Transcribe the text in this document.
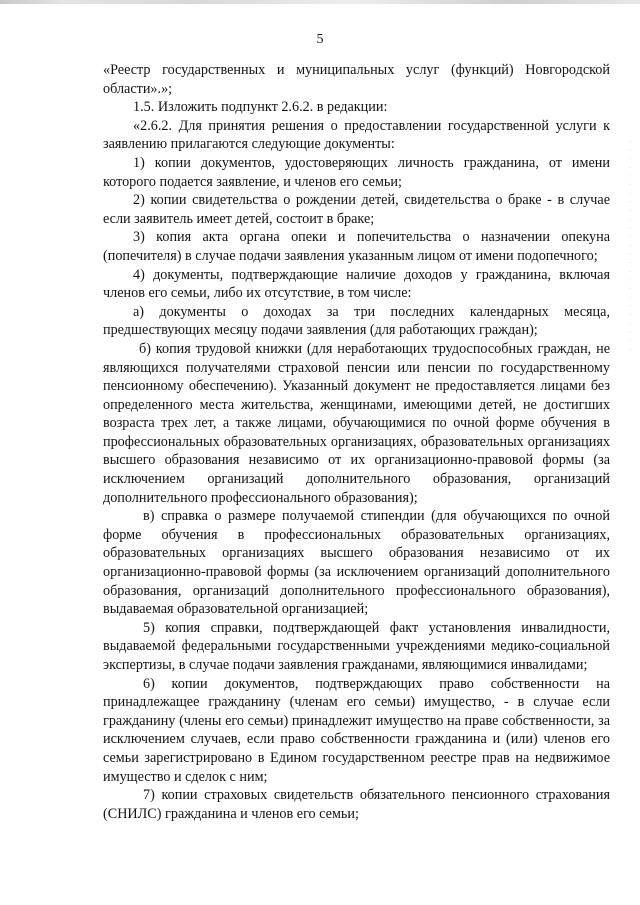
5

«Реестр государственных и муниципальных услуг (функций) Новгородской области».»;

1.5. Изложить подпункт 2.6.2. в редакции:

«2.6.2. Для принятия решения о предоставлении государственной услуги к заявлению прилагаются следующие документы:

1) копии документов, удостоверяющих личность гражданина, от имени которого подается заявление, и членов его семьи;

2) копии свидетельства о рождении детей, свидетельства о браке - в случае если заявитель имеет детей, состоит в браке;

3) копия акта органа опеки и попечительства о назначении опекуна (попечителя) в случае подачи заявления указанным лицом от имени подопечного;

4) документы, подтверждающие наличие доходов у гражданина, включая членов его семьи, либо их отсутствие, в том числе:

а) документы о доходах за три последних календарных месяца, предшествующих месяцу подачи заявления (для работающих граждан);

б) копия трудовой книжки (для неработающих трудоспособных граждан, не являющихся получателями страховой пенсии или пенсии по государственному пенсионному обеспечению). Указанный документ не предоставляется лицами без определенного места жительства, женщинами, имеющими детей, не достигших возраста трех лет, а также лицами, обучающимися по очной форме обучения в профессиональных образовательных организациях, образовательных организациях высшего образования независимо от их организационно-правовой формы (за исключением организаций дополнительного образования, организаций дополнительного профессионального образования);

в) справка о размере получаемой стипендии (для обучающихся по очной форме обучения в профессиональных образовательных организациях, образовательных организациях высшего образования независимо от их организационно-правовой формы (за исключением организаций дополнительного образования, организаций дополнительного профессионального образования), выдаваемая образовательной организацией;

5) копия справки, подтверждающей факт установления инвалидности, выдаваемой федеральными государственными учреждениями медико-социальной экспертизы, в случае подачи заявления гражданами, являющимися инвалидами;

6) копии документов, подтверждающих право собственности на принадлежащее гражданину (членам его семьи) имущество, - в случае если гражданину (члены его семьи) принадлежит имущество на праве собственности, за исключением случаев, если право собственности гражданина и (или) членов его семьи зарегистрировано в Едином государственном реестре прав на недвижимое имущество и сделок с ним;

7) копии страховых свидетельств обязательного пенсионного страхования (СНИЛС) гражданина и членов его семьи;

· · · · · · · · · · · · · · · · · · · · · · · · ·
